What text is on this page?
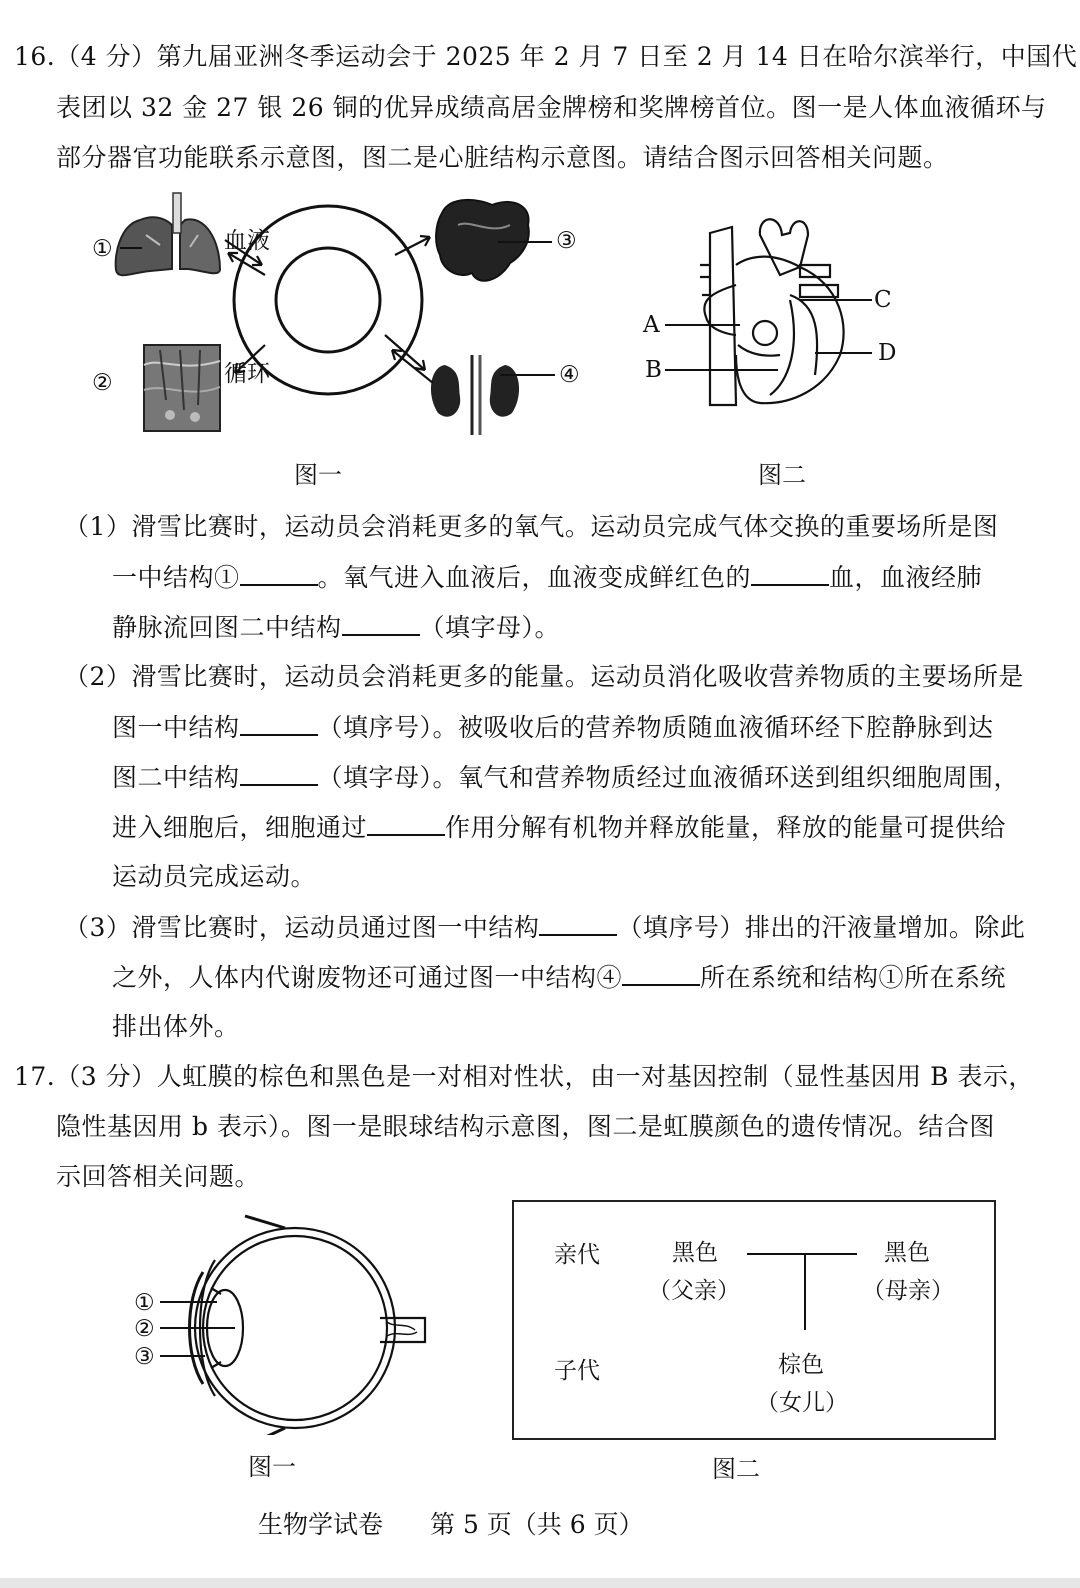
16.（4 分）第九届亚洲冬季运动会于 2025 年 2 月 7 日至 2 月 14 日在哈尔滨举行，中国代
表团以 32 金 27 银 26 铜的优异成绩高居金牌榜和奖牌榜首位。图一是人体血液循环与
部分器官功能联系示意图，图二是心脏结构示意图。请结合图示回答相关问题。
血液
循环
①
②
③
④
图一
A
B
C
D
图二
（1）滑雪比赛时，运动员会消耗更多的氧气。运动员完成气体交换的重要场所是图
一中结构①	。氧气进入血液后，血液变成鲜红色的	血，血液经肺
静脉流回图二中结构	（填字母）。
（2）滑雪比赛时，运动员会消耗更多的能量。运动员消化吸收营养物质的主要场所是
图一中结构	（填序号）。被吸收后的营养物质随血液循环经下腔静脉到达
图二中结构	（填字母）。氧气和营养物质经过血液循环送到组织细胞周围，
进入细胞后，细胞通过	作用分解有机物并释放能量，释放的能量可提供给
运动员完成运动。
（3）滑雪比赛时，运动员通过图一中结构	（填序号）排出的汗液量增加。除此
之外，人体内代谢废物还可通过图一中结构④	所在系统和结构①所在系统
排出体外。
17.（3 分）人虹膜的棕色和黑色是一对相对性状，由一对基因控制（显性基因用 B 表示，
隐性基因用 b 表示）。图一是眼球结构示意图，图二是虹膜颜色的遗传情况。结合图
示回答相关问题。
①
②
③
图一
亲代
子代
黑色
（父亲）
黑色
（母亲）
棕色
（女儿）
图二
生物学试卷 第 5 页（共 6 页）
